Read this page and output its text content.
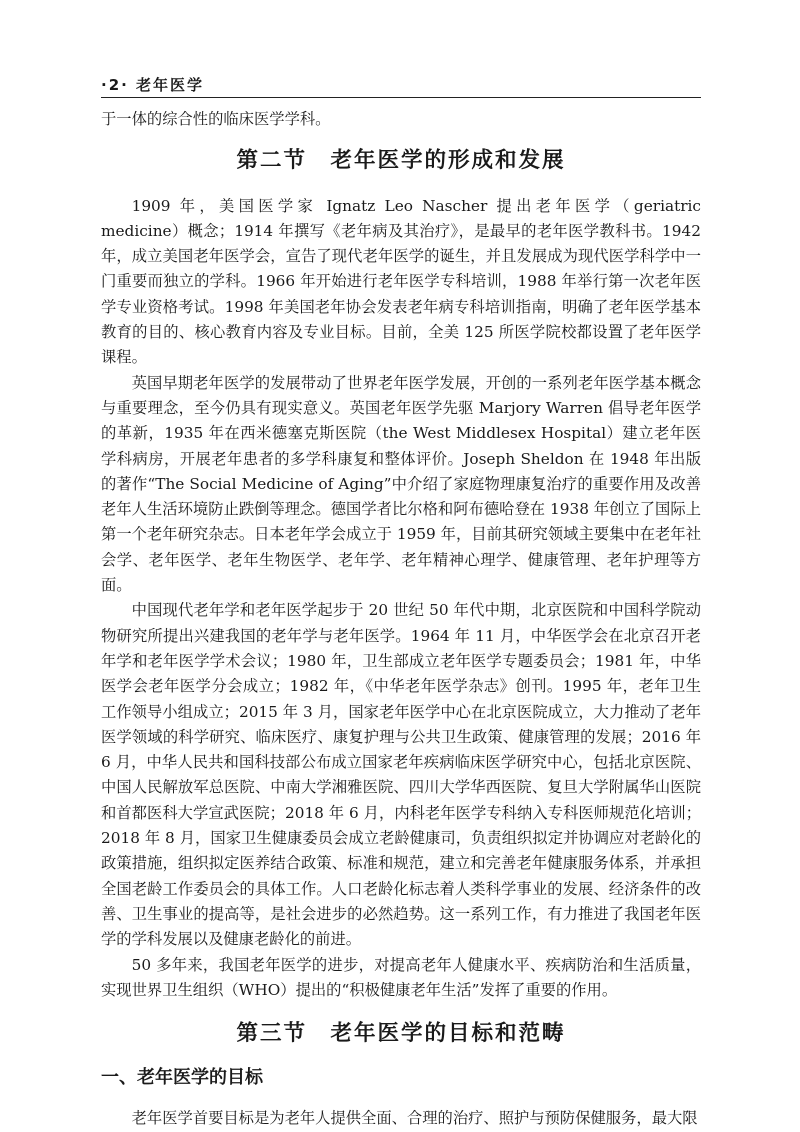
·2· 老年医学

于一体的综合性的临床医学学科。

第二节　老年医学的形成和发展

1909 年，美国医学家 Ignatz Leo Nascher 提出老年医学（geriatric medicine）概念；1914 年撰写《老年病及其治疗》，是最早的老年医学教科书。1942 年，成立美国老年医学会，宣告了现代老年医学的诞生，并且发展成为现代医学科学中一门重要而独立的学科。1966 年开始进行老年医学专科培训，1988 年举行第一次老年医学专业资格考试。1998 年美国老年协会发表老年病专科培训指南，明确了老年医学基本教育的目的、核心教育内容及专业目标。目前，全美 125 所医学院校都设置了老年医学课程。

英国早期老年医学的发展带动了世界老年医学发展，开创的一系列老年医学基本概念与重要理念，至今仍具有现实意义。英国老年医学先驱 Marjory Warren 倡导老年医学的革新，1935 年在西米德塞克斯医院（the West Middlesex Hospital）建立老年医学科病房，开展老年患者的多学科康复和整体评价。Joseph Sheldon 在 1948 年出版的著作“The Social Medicine of Aging”中介绍了家庭物理康复治疗的重要作用及改善老年人生活环境防止跌倒等理念。德国学者比尔格和阿布德哈登在 1938 年创立了国际上第一个老年研究杂志。日本老年学会成立于 1959 年，目前其研究领域主要集中在老年社会学、老年医学、老年生物医学、老年学、老年精神心理学、健康管理、老年护理等方面。

中国现代老年学和老年医学起步于 20 世纪 50 年代中期，北京医院和中国科学院动物研究所提出兴建我国的老年学与老年医学。1964 年 11 月，中华医学会在北京召开老年学和老年医学学术会议；1980 年，卫生部成立老年医学专题委员会；1981 年，中华医学会老年医学分会成立；1982 年，《中华老年医学杂志》创刊。1995 年，老年卫生工作领导小组成立；2015 年 3 月，国家老年医学中心在北京医院成立，大力推动了老年医学领域的科学研究、临床医疗、康复护理与公共卫生政策、健康管理的发展；2016 年 6 月，中华人民共和国科技部公布成立国家老年疾病临床医学研究中心，包括北京医院、中国人民解放军总医院、中南大学湘雅医院、四川大学华西医院、复旦大学附属华山医院和首都医科大学宣武医院；2018 年 6 月，内科老年医学专科纳入专科医师规范化培训；2018 年 8 月，国家卫生健康委员会成立老龄健康司，负责组织拟定并协调应对老龄化的政策措施，组织拟定医养结合政策、标准和规范，建立和完善老年健康服务体系，并承担全国老龄工作委员会的具体工作。人口老龄化标志着人类科学事业的发展、经济条件的改善、卫生事业的提高等，是社会进步的必然趋势。这一系列工作，有力推进了我国老年医学的学科发展以及健康老龄化的前进。

50 多年来，我国老年医学的进步，对提高老年人健康水平、疾病防治和生活质量，实现世界卫生组织（WHO）提出的“积极健康老年生活”发挥了重要的作用。

第三节　老年医学的目标和范畴
一、老年医学的目标

老年医学首要目标是为老年人提供全面、合理的治疗、照护与预防保健服务，最大限
